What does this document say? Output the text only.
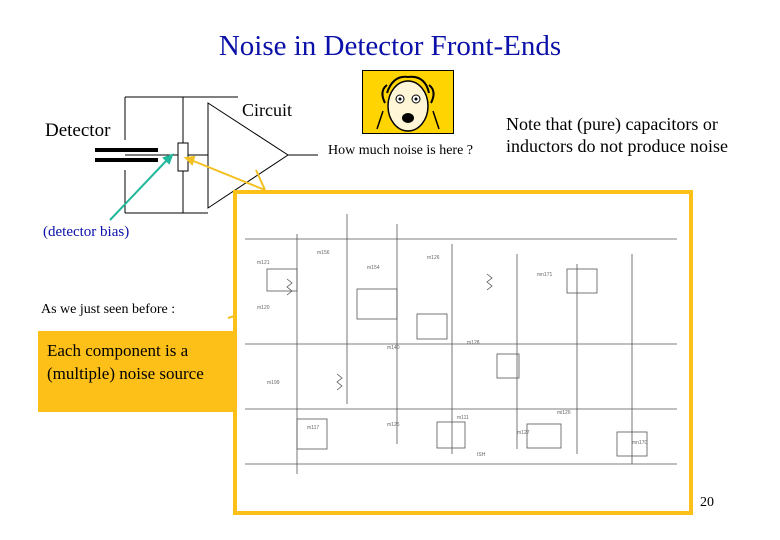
Noise in Detector Front-Ends
Detector
Circuit
How much noise is here ?
Note that (pure) capacitors or inductors do not produce noise
(detector bias)
As we just seen before :
Each component is a (multiple) noise source
m121
m156
m154
m126
mn171
m120
m140
m128
m199
m117	m125
m111
m127
mi126
mn170
ISH
20
